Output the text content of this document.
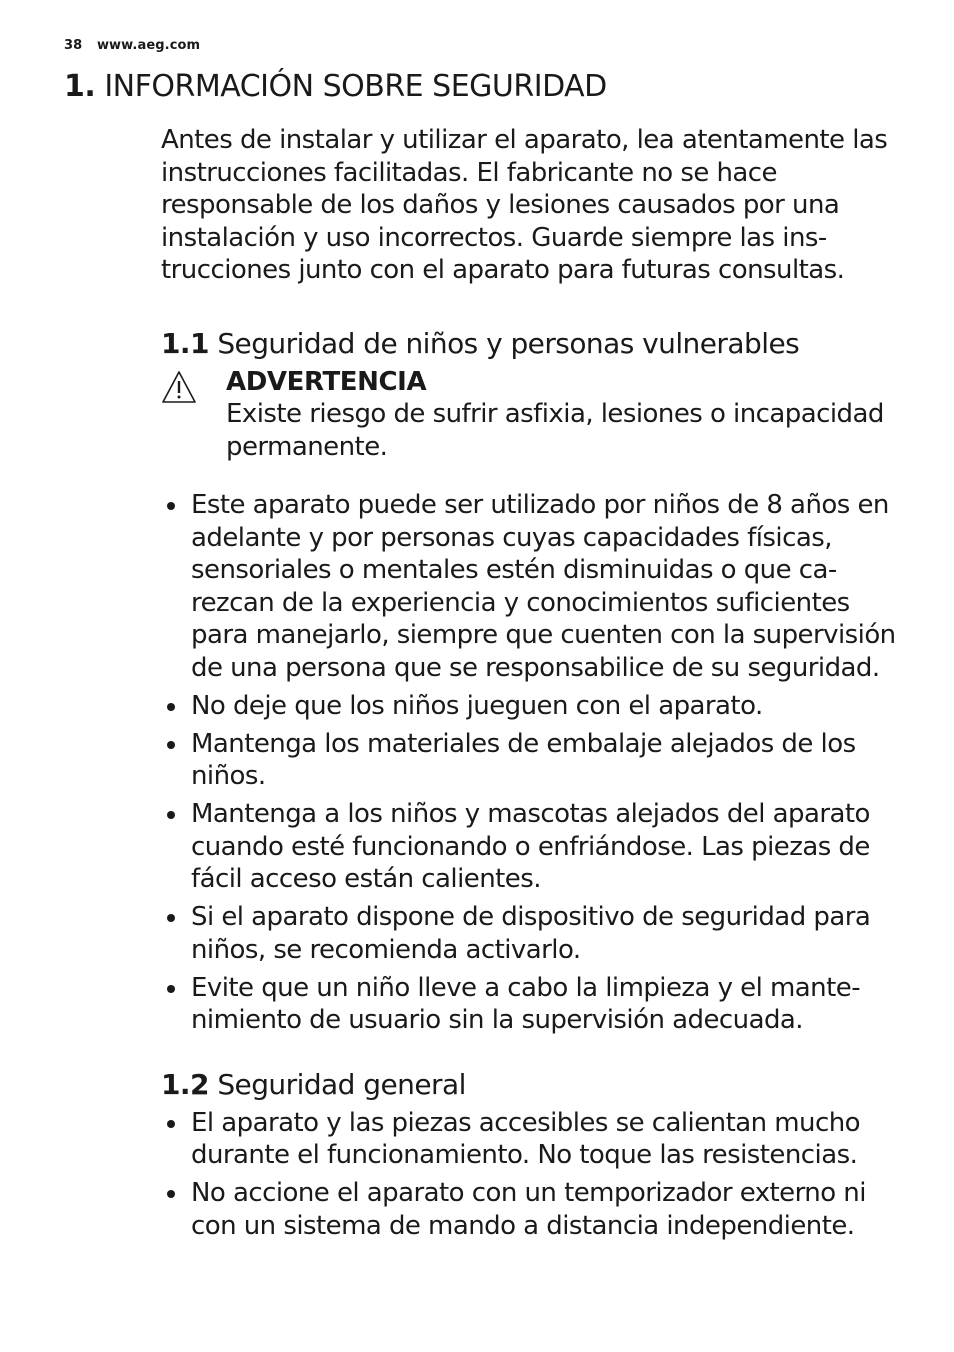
38 www.aeg.com
1. INFORMACIÓN SOBRE SEGURIDAD

Antes de instalar y utilizar el aparato, lea atentamente las instrucciones facilitadas. El fabricante no se hace responsable de los daños y lesiones causados por una instalación y uso incorrectos. Guarde siempre las instrucciones junto con el aparato para futuras consultas.

1.1 Seguridad de niños y personas vulnerables
ADVERTENCIA

Existe riesgo de sufrir asfixia, lesiones o incapacidad permanente.

Este aparato puede ser utilizado por niños de 8 años en adelante y por personas cuyas capacidades físicas, sensoriales o mentales estén disminuidas o que carezcan de la experiencia y conocimientos suficientes para manejarlo, siempre que cuenten con la supervisión de una persona que se responsabilice de su seguridad.
No deje que los niños jueguen con el aparato.
Mantenga los materiales de embalaje alejados de los niños.
Mantenga a los niños y mascotas alejados del aparato cuando esté funcionando o enfriándose. Las piezas de fácil acceso están calientes.
Si el aparato dispone de dispositivo de seguridad para niños, se recomienda activarlo.
Evite que un niño lleve a cabo la limpieza y el mantenimiento de usuario sin la supervisión adecuada.
1.2 Seguridad general
El aparato y las piezas accesibles se calientan mucho durante el funcionamiento. No toque las resistencias.
No accione el aparato con un temporizador externo ni con un sistema de mando a distancia independiente.
